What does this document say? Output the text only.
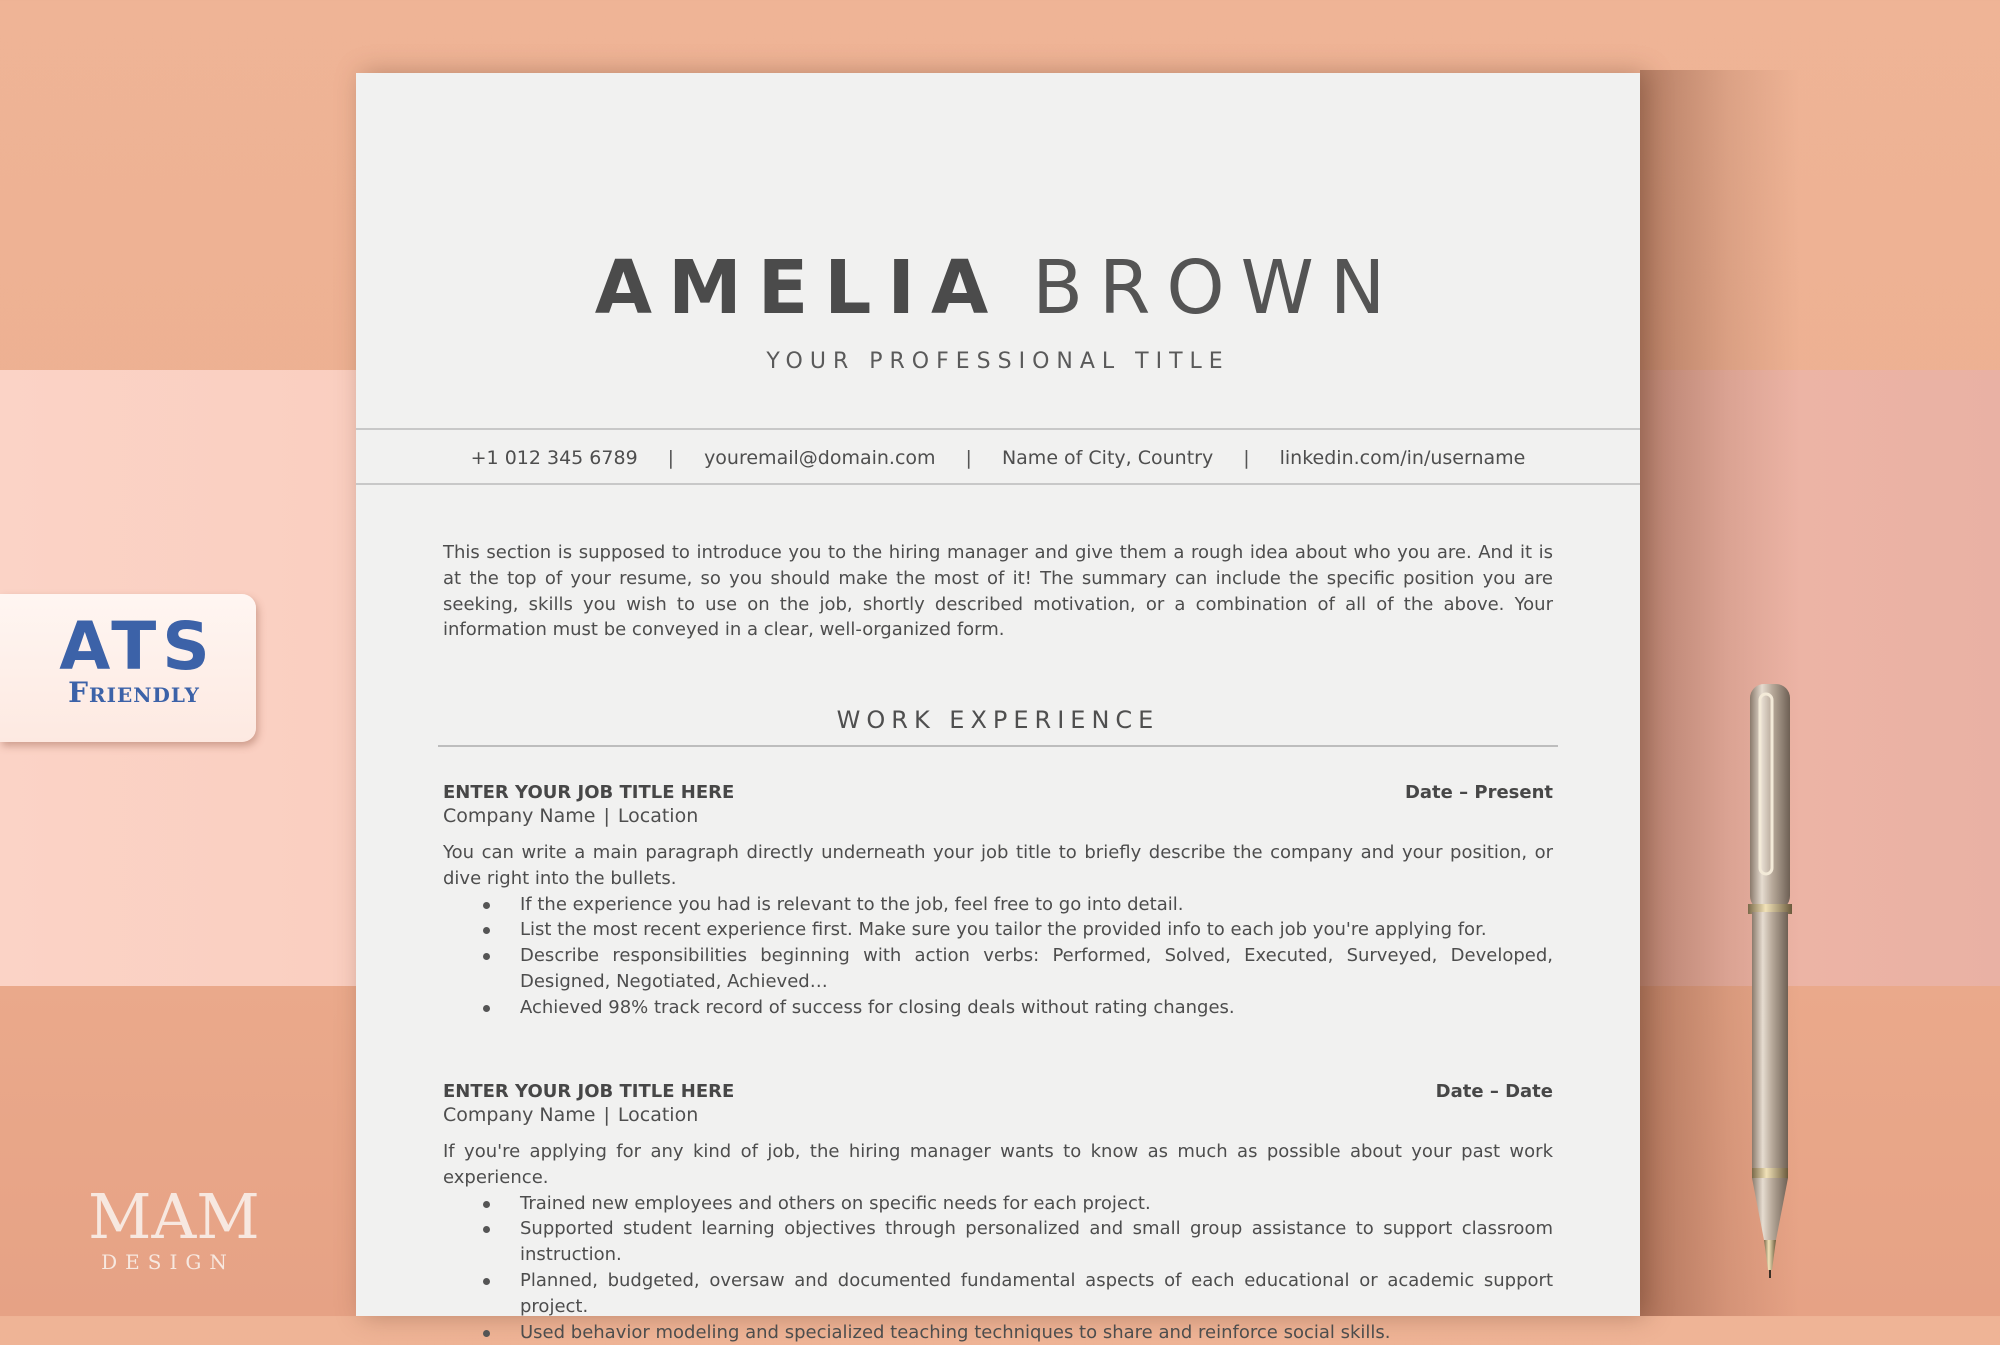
AMELIA BROWN
YOUR PROFESSIONAL TITLE
+1 012 345 6789 | youremail@domain.com | Name of City, Country | linkedin.com/in/username
This section is supposed to introduce you to the hiring manager and give them a rough idea about who you are. And it is at the top of your resume, so you should make the most of it! The summary can include the specific position you are seeking, skills you wish to use on the job, shortly described motivation, or a combination of all of the above. Your information must be conveyed in a clear, well-organized form.
WORK EXPERIENCE
ENTER YOUR JOB TITLE HERE	Date – Present
Company Name | Location
You can write a main paragraph directly underneath your job title to briefly describe the company and your position, or dive right into the bullets.
If the experience you had is relevant to the job, feel free to go into detail.
List the most recent experience first. Make sure you tailor the provided info to each job you're applying for.
Describe responsibilities beginning with action verbs: Performed, Solved, Executed, Surveyed, Developed, Designed, Negotiated, Achieved…
Achieved 98% track record of success for closing deals without rating changes.
ENTER YOUR JOB TITLE HERE	Date – Date
Company Name | Location
If you're applying for any kind of job, the hiring manager wants to know as much as possible about your past work experience.
Trained new employees and others on specific needs for each project.
Supported student learning objectives through personalized and small group assistance to support classroom instruction.
Planned, budgeted, oversaw and documented fundamental aspects of each educational or academic support project.
Used behavior modeling and specialized teaching techniques to share and reinforce social skills.
ATS
Friendly
MAM
DESIGN
